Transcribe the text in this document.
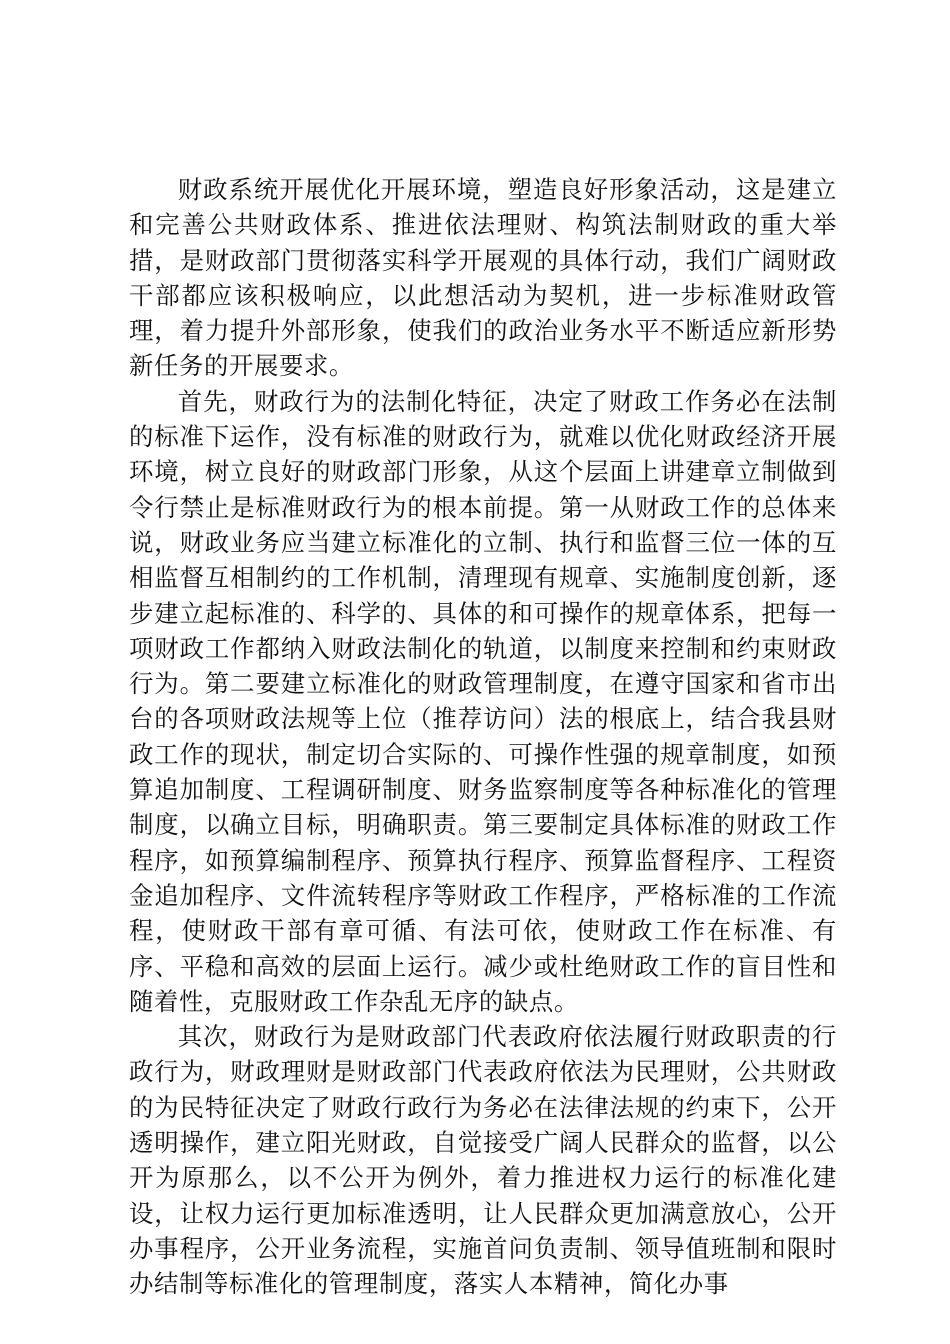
财政系统开展优化开展环境，塑造良好形象活动，这是建立和完善公共财政体系、推进依法理财、构筑法制财政的重大举措，是财政部门贯彻落实科学开展观的具体行动，我们广阔财政干部都应该积极响应，以此想活动为契机，进一步标准财政管理，着力提升外部形象，使我们的政治业务水平不断适应新形势新任务的开展要求。

首先，财政行为的法制化特征，决定了财政工作务必在法制的标准下运作，没有标准的财政行为，就难以优化财政经济开展环境，树立良好的财政部门形象，从这个层面上讲建章立制做到令行禁止是标准财政行为的根本前提。第一从财政工作的总体来说，财政业务应当建立标准化的立制、执行和监督三位一体的互相监督互相制约的工作机制，清理现有规章、实施制度创新，逐步建立起标准的、科学的、具体的和可操作的规章体系，把每一项财政工作都纳入财政法制化的轨道，以制度来控制和约束财政行为。第二要建立标准化的财政管理制度，在遵守国家和省市出台的各项财政法规等上位（推荐访问）法的根底上，结合我县财政工作的现状，制定切合实际的、可操作性强的规章制度，如预算追加制度、工程调研制度、财务监察制度等各种标准化的管理制度，以确立目标，明确职责。第三要制定具体标准的财政工作程序，如预算编制程序、预算执行程序、预算监督程序、工程资金追加程序、文件流转程序等财政工作程序，严格标准的工作流程，使财政干部有章可循、有法可依，使财政工作在标准、有序、平稳和高效的层面上运行。减少或杜绝财政工作的盲目性和随着性，克服财政工作杂乱无序的缺点。

其次，财政行为是财政部门代表政府依法履行财政职责的行政行为，财政理财是财政部门代表政府依法为民理财，公共财政的为民特征决定了财政行政行为务必在法律法规的约束下，公开透明操作，建立阳光财政，自觉接受广阔人民群众的监督，以公开为原那么，以不公开为例外，着力推进权力运行的标准化建设，让权力运行更加标准透明，让人民群众更加满意放心，公开办事程序，公开业务流程，实施首问负责制、领导值班制和限时办结制等标准化的管理制度，落实人本精神，简化办事
